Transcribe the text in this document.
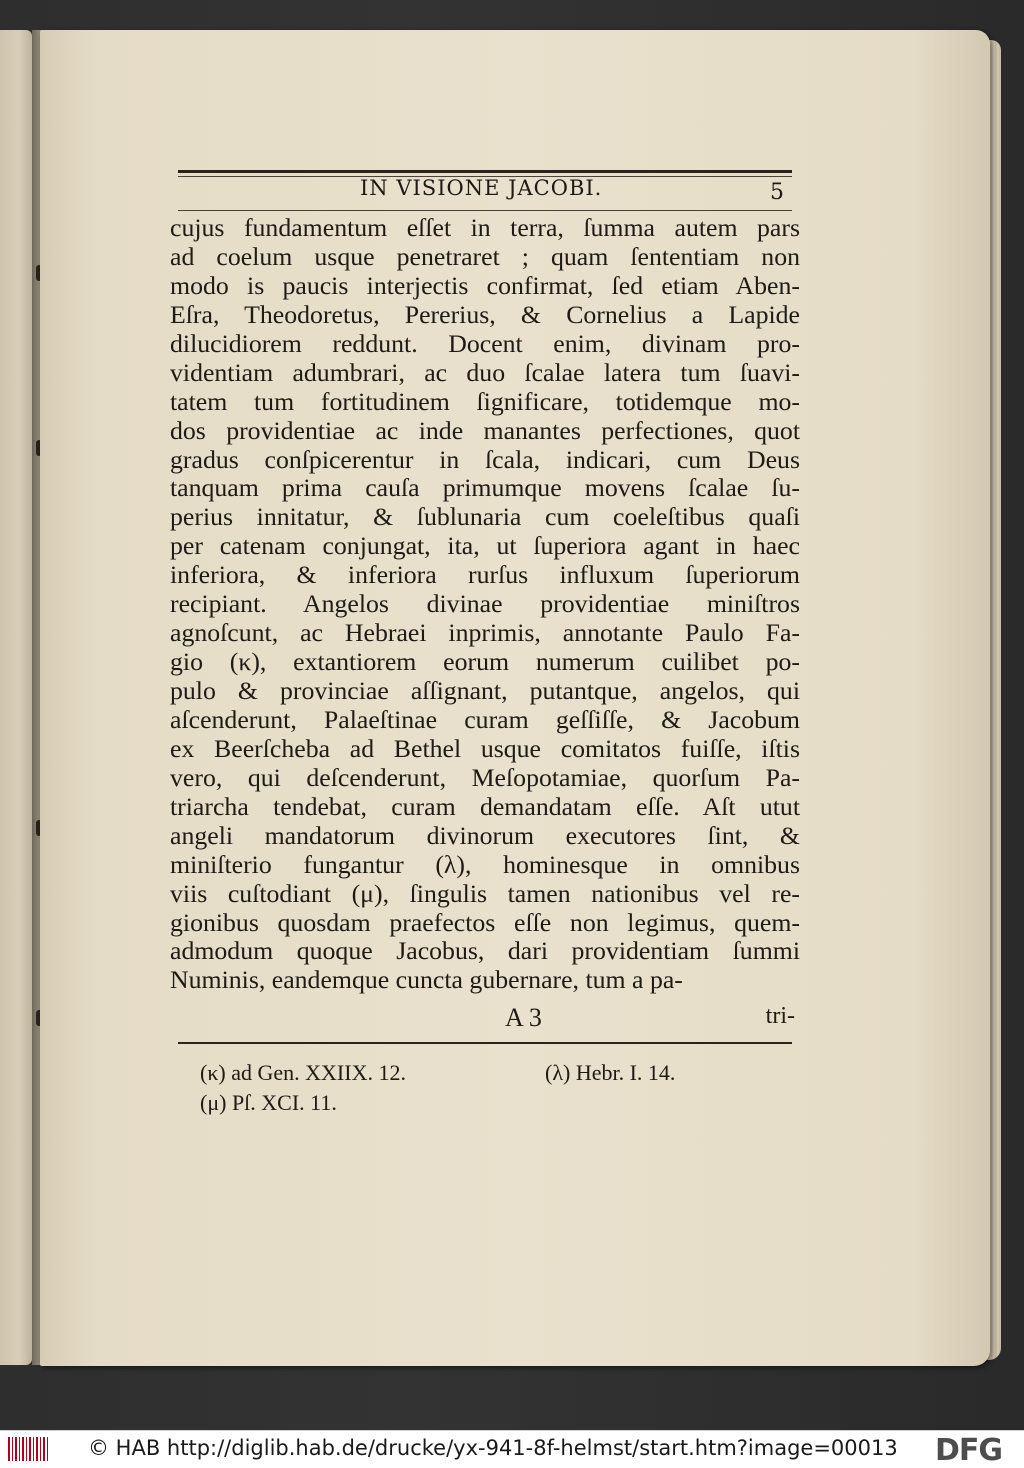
IN VISIONE JACOBI.	5
cujus fundamentum eſſet in terra, ſumma autem pars
ad coelum usque penetraret ; quam ſententiam non
modo is paucis interjectis confirmat, ſed etiam Aben-
Eſra, Theodoretus, Pererius, & Cornelius a Lapide
dilucidiorem reddunt. Docent enim, divinam pro-
videntiam adumbrari, ac duo ſcalae latera tum ſuavi-
tatem tum fortitudinem ſignificare, totidemque mo-
dos providentiae ac inde manantes perfectiones, quot
gradus conſpicerentur in ſcala, indicari, cum Deus
tanquam prima cauſa primumque movens ſcalae ſu-
perius innitatur, & ſublunaria cum coeleſtibus quaſi
per catenam conjungat, ita, ut ſuperiora agant in haec
inferiora, & inferiora rurſus influxum ſuperiorum
recipiant. Angelos divinae providentiae miniſtros
agnoſcunt, ac Hebraei inprimis, annotante Paulo Fa-
gio (κ), extantiorem eorum numerum cuilibet po-
pulo & provinciae aſſignant, putantque, angelos, qui
aſcenderunt, Palaeſtinae curam geſſiſſe, & Jacobum
ex Beerſcheba ad Bethel usque comitatos fuiſſe, iſtis
vero, qui deſcenderunt, Meſopotamiae, quorſum Pa-
triarcha tendebat, curam demandatam eſſe. Aſt utut
angeli mandatorum divinorum executores ſint, &
miniſterio fungantur (λ), hominesque in omnibus
viis cuſtodiant (μ), ſingulis tamen nationibus vel re-
gionibus quosdam praefectos eſſe non legimus, quem-
admodum quoque Jacobus, dari providentiam ſummi
Numinis, eandemque cuncta gubernare, tum a pa-
A 3	tri-
(κ) ad Gen. XXIIX. 12.	(λ) Hebr. I. 14.
(μ) Pſ. XCI. 11.
© HAB http://diglib.hab.de/drucke/yx-941-8f-helmst/start.htm?image=00013 DFG
